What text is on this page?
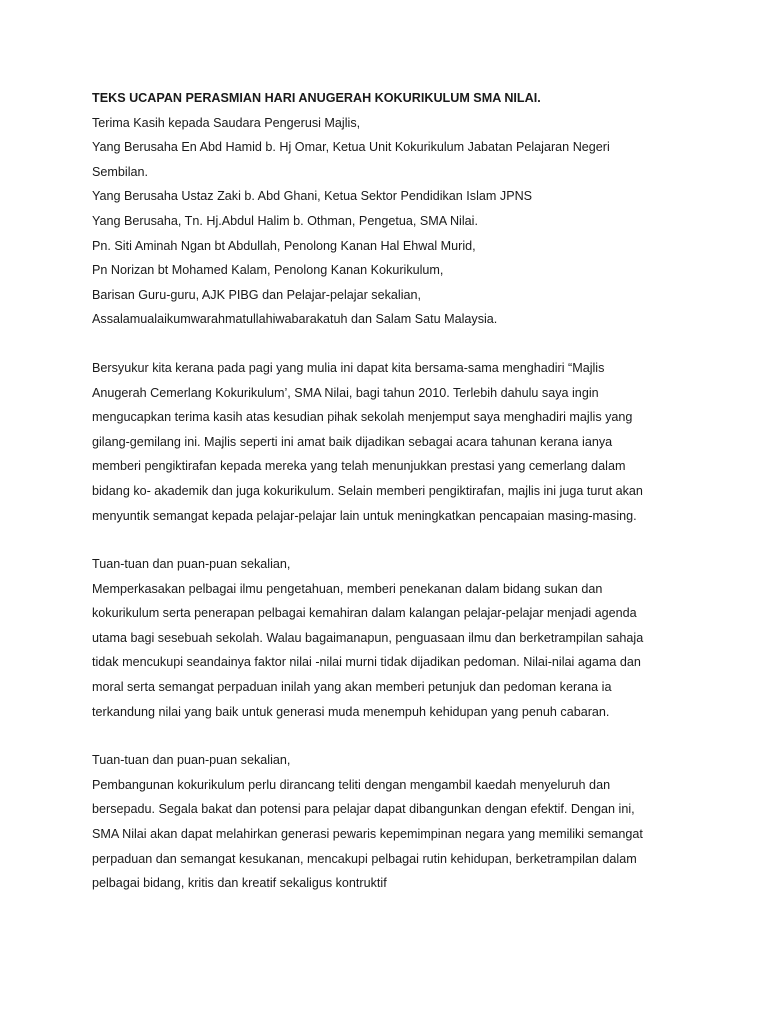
TEKS UCAPAN PERASMIAN HARI ANUGERAH KOKURIKULUM SMA NILAI.
Terima Kasih kepada Saudara Pengerusi Majlis,
Yang Berusaha En Abd Hamid b. Hj Omar, Ketua Unit Kokurikulum Jabatan Pelajaran Negeri
Sembilan.
Yang Berusaha Ustaz Zaki b. Abd Ghani, Ketua Sektor Pendidikan Islam JPNS
Yang Berusaha, Tn. Hj.Abdul Halim b. Othman, Pengetua, SMA Nilai.
Pn. Siti Aminah Ngan bt Abdullah, Penolong Kanan Hal Ehwal Murid,
Pn Norizan bt Mohamed Kalam, Penolong Kanan Kokurikulum,
Barisan Guru-guru, AJK PIBG dan Pelajar-pelajar sekalian,
Assalamualaikumwarahmatullahiwabarakatuh dan Salam Satu Malaysia.
Bersyukur kita kerana pada pagi yang mulia ini dapat kita bersama-sama menghadiri “Majlis
Anugerah Cemerlang Kokurikulum’, SMA Nilai, bagi tahun 2010. Terlebih dahulu saya ingin
mengucapkan terima kasih atas kesudian pihak sekolah menjemput saya menghadiri majlis yang
gilang-gemilang ini. Majlis seperti ini amat baik dijadikan sebagai acara tahunan kerana ianya
memberi pengiktirafan kepada mereka yang telah menunjukkan prestasi yang cemerlang dalam
bidang ko- akademik dan juga kokurikulum. Selain memberi pengiktirafan, majlis ini juga turut akan
menyuntik semangat kepada pelajar-pelajar lain untuk meningkatkan pencapaian masing-masing.
Tuan-tuan dan puan-puan sekalian,
Memperkasakan pelbagai ilmu pengetahuan, memberi penekanan dalam bidang sukan dan
kokurikulum serta penerapan pelbagai kemahiran dalam kalangan pelajar-pelajar menjadi agenda
utama bagi sesebuah sekolah. Walau bagaimanapun, penguasaan ilmu dan berketrampilan sahaja
tidak mencukupi seandainya faktor nilai -nilai murni tidak dijadikan pedoman. Nilai-nilai agama dan
moral serta semangat perpaduan inilah yang akan memberi petunjuk dan pedoman kerana ia
terkandung nilai yang baik untuk generasi muda menempuh kehidupan yang penuh cabaran.
Tuan-tuan dan puan-puan sekalian,
Pembangunan kokurikulum perlu dirancang teliti dengan mengambil kaedah menyeluruh dan
bersepadu. Segala bakat dan potensi para pelajar dapat dibangunkan dengan efektif. Dengan ini,
SMA Nilai akan dapat melahirkan generasi pewaris kepemimpinan negara yang memiliki semangat
perpaduan dan semangat kesukanan, mencakupi pelbagai rutin kehidupan, berketrampilan dalam
pelbagai bidang, kritis dan kreatif sekaligus kontruktif
